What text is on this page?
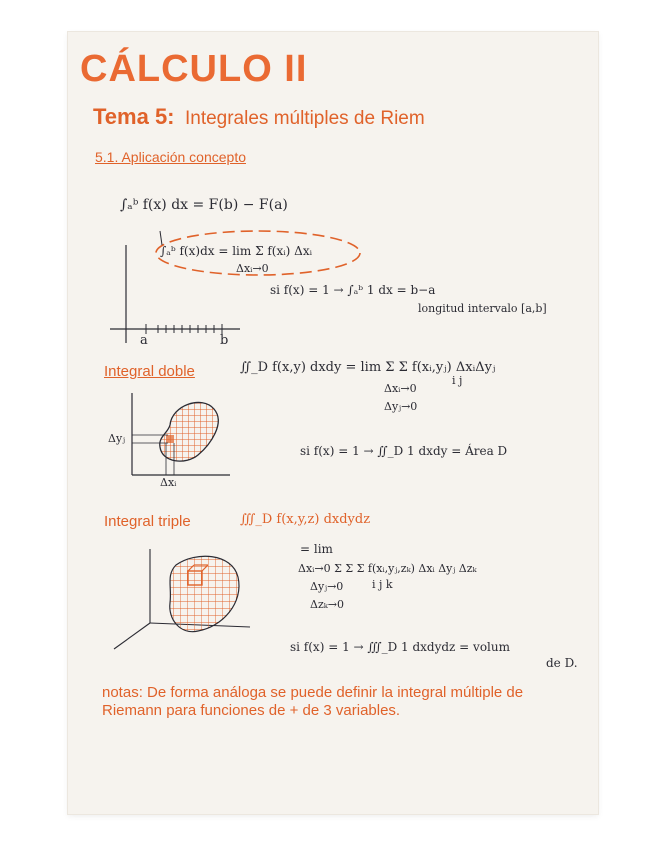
CÁLCULO II
Tema 5: Integrales múltiples de Riem
5.1. Aplicación concepto
∫ₐᵇ f(x) dx = F(b) − F(a)
∫ₐᵇ f(x)dx = lim Σ f(xᵢ) Δxᵢ
Δxᵢ→0
si f(x) = 1 → ∫ₐᵇ 1 dx = b−a
longitud intervalo [a,b]
a	b
Integral doble	∬_D f(x,y) dxdy = lim Σ Σ f(xᵢ,yⱼ) ΔxᵢΔyⱼ
i j
Δxᵢ→0
Δyⱼ→0
Δyⱼ
Δxᵢ
si f(x) = 1 → ∬_D 1 dxdy = Área D
Integral triple	∭_D f(x,y,z) dxdydz
= lim
Δxᵢ→0 Σ Σ Σ f(xᵢ,yⱼ,zₖ) Δxᵢ Δyⱼ Δzₖ
i j k
Δyⱼ→0
Δzₖ→0
si f(x) = 1 → ∭_D 1 dxdydz = volum
de D.
notas: De forma análoga se puede definir la integral múltiple de Riemann para funciones de + de 3 variables.
